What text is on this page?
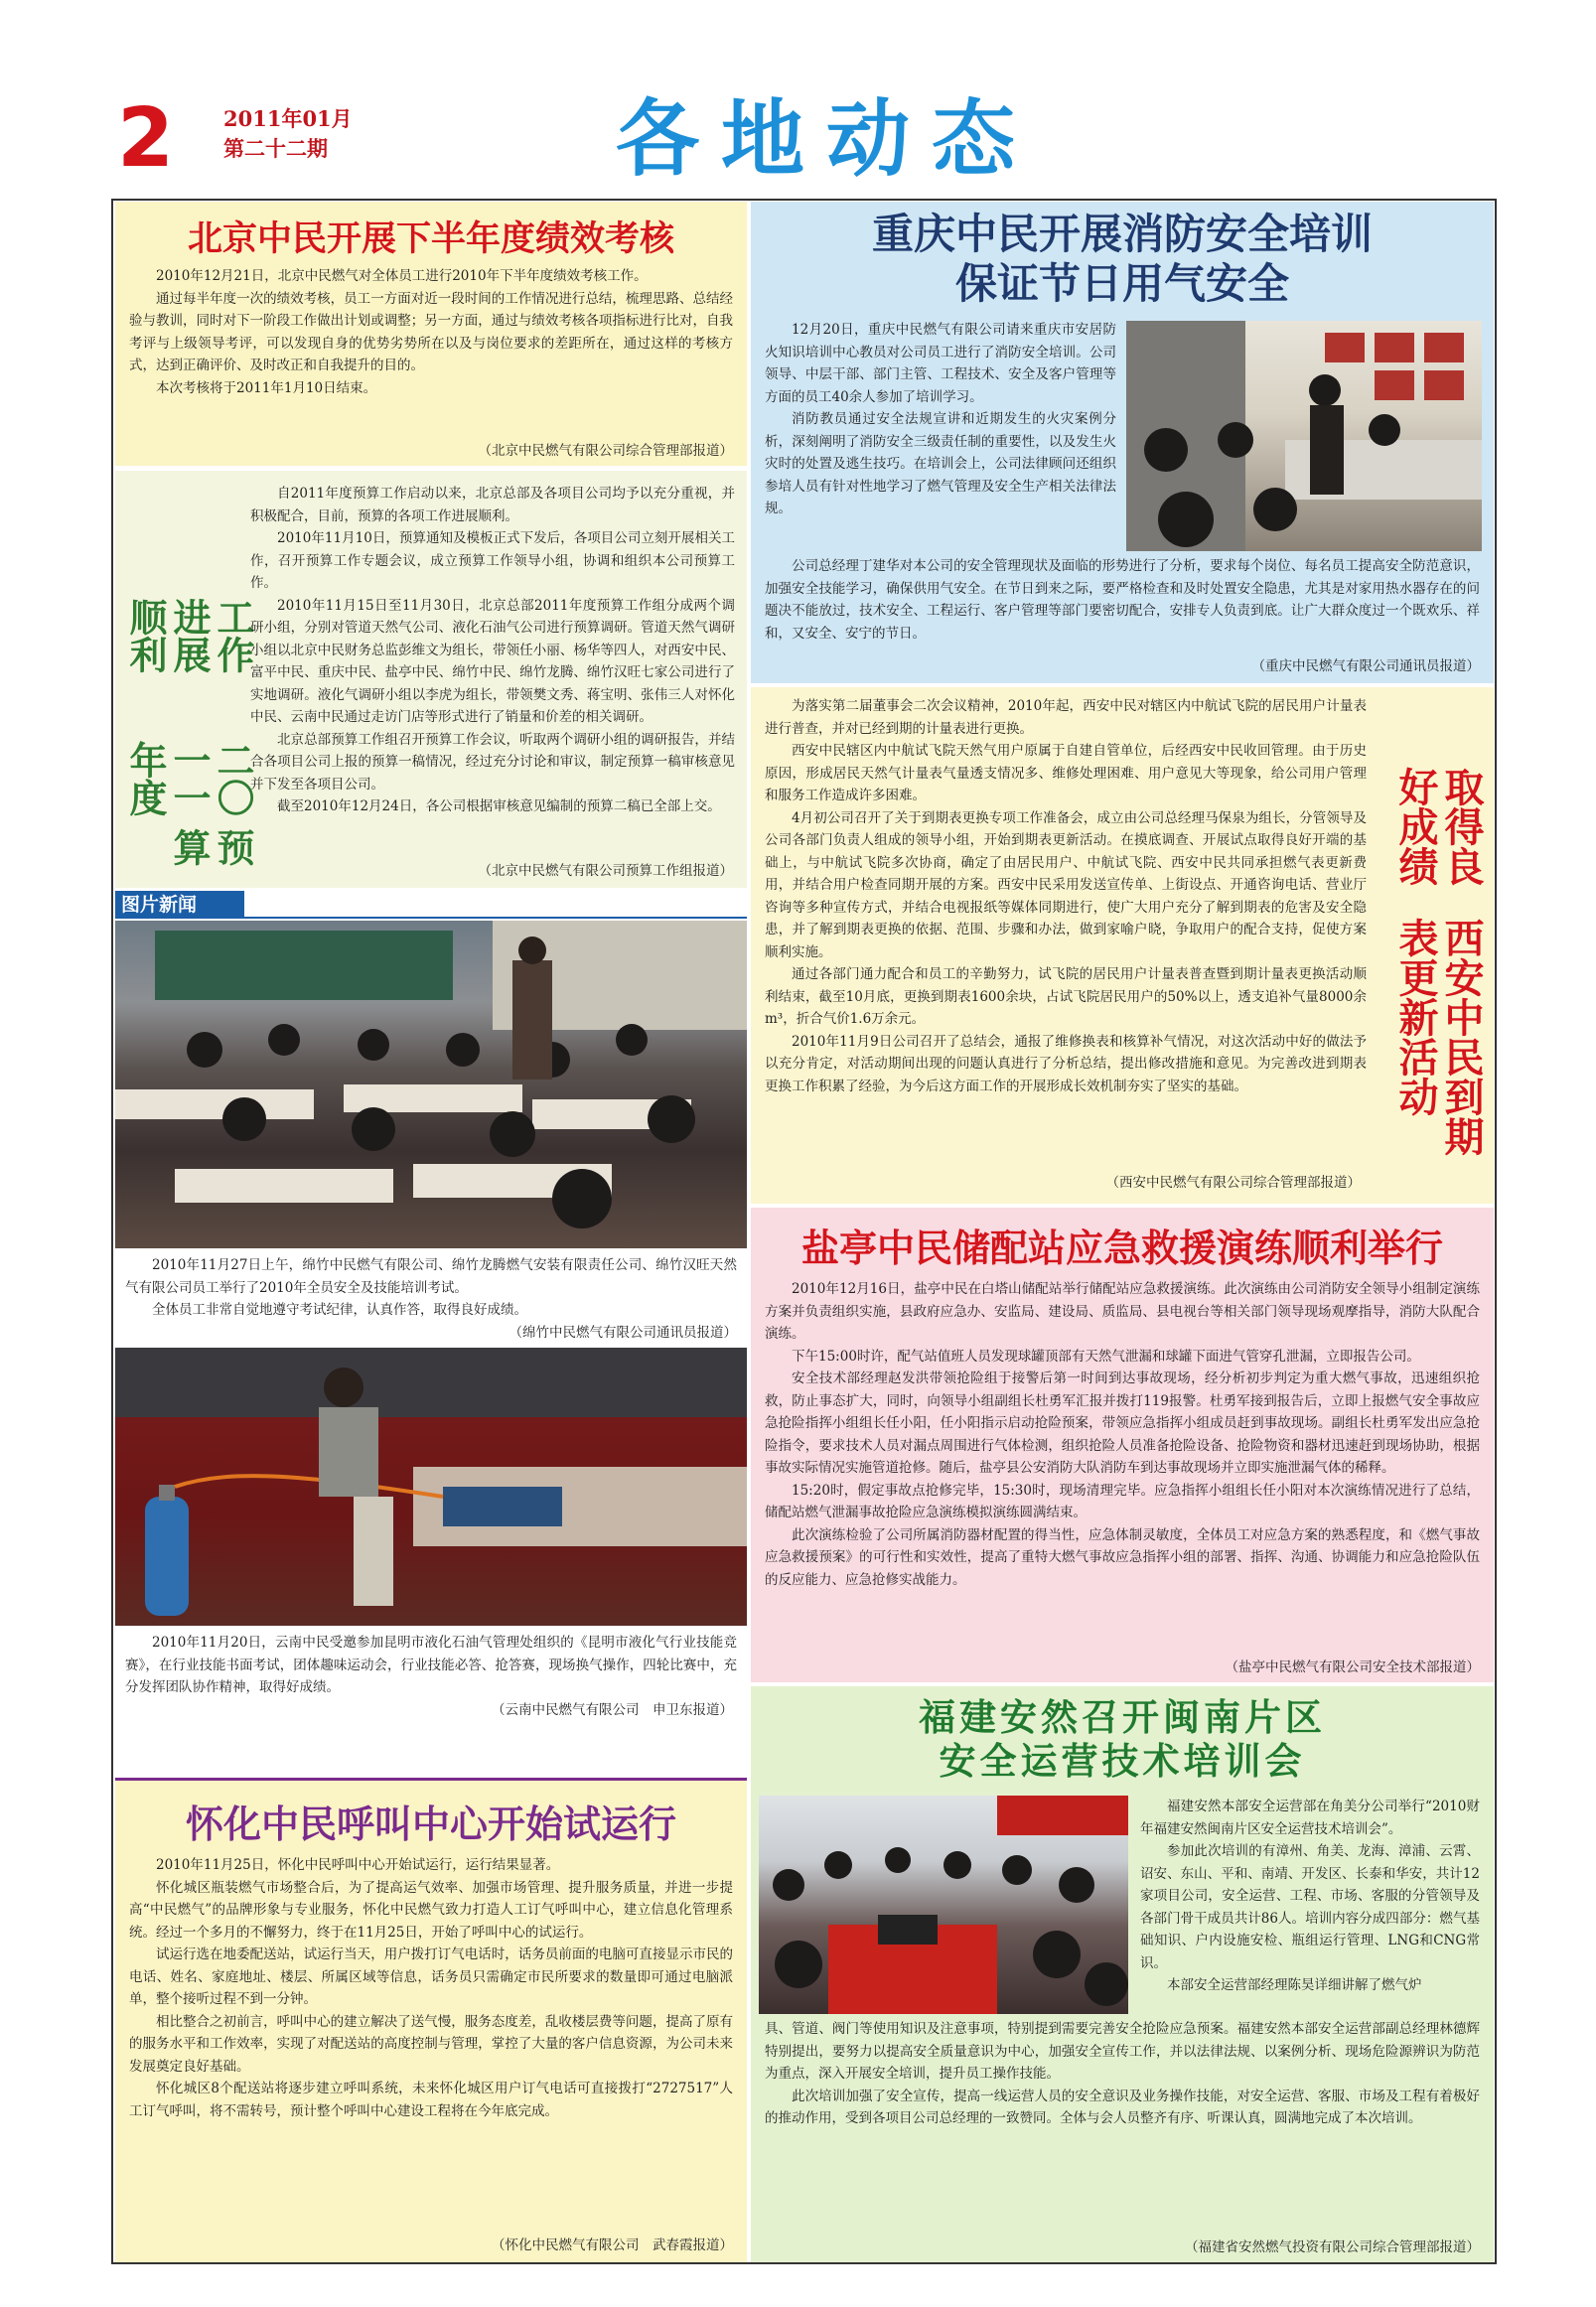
2 2011年01月
第二十二期	各地动态
北京中民开展下半年度绩效考核

2010年12月21日，北京中民燃气对全体员工进行2010年下半年度绩效考核工作。

通过每半年度一次的绩效考核，员工一方面对近一段时间的工作情况进行总结，梳理思路、总结经验与教训，同时对下一阶段工作做出计划或调整；另一方面，通过与绩效考核各项指标进行比对，自我考评与上级领导考评，可以发现自身的优势劣势所在以及与岗位要求的差距所在，通过这样的考核方式，达到正确评价、及时改正和自我提升的目的。

本次考核将于2011年1月10日结束。

（北京中民燃气有限公司综合管理部报道）
预算
二〇一一年度
工作进展顺利

自2011年度预算工作启动以来，北京总部及各项目公司均予以充分重视，并积极配合，目前，预算的各项工作进展顺利。

2010年11月10日，预算通知及模板正式下发后，各项目公司立刻开展相关工作，召开预算工作专题会议，成立预算工作领导小组，协调和组织本公司预算工作。

2010年11月15日至11月30日，北京总部2011年度预算工作组分成两个调研小组，分别对管道天然气公司、液化石油气公司进行预算调研。管道天然气调研小组以北京中民财务总监彭维文为组长，带领任小丽、杨华等四人，对西安中民、富平中民、重庆中民、盐亭中民、绵竹中民、绵竹龙腾、绵竹汉旺七家公司进行了实地调研。液化气调研小组以李虎为组长，带领樊文秀、蒋宝明、张伟三人对怀化中民、云南中民通过走访门店等形式进行了销量和价差的相关调研。

北京总部预算工作组召开预算工作会议，听取两个调研小组的调研报告，并结合各项目公司上报的预算一稿情况，经过充分讨论和审议，制定预算一稿审核意见并下发至各项目公司。

截至2010年12月24日，各公司根据审核意见编制的预算二稿已全部上交。

（北京中民燃气有限公司预算工作组报道）
图片新闻

2010年11月27日上午，绵竹中民燃气有限公司、绵竹龙腾燃气安装有限责任公司、绵竹汉旺天然气有限公司员工举行了2010年全员安全及技能培训考试。

全体员工非常自觉地遵守考试纪律，认真作答，取得良好成绩。

（绵竹中民燃气有限公司通讯员报道）

2010年11月20日，云南中民受邀参加昆明市液化石油气管理处组织的《昆明市液化气行业技能竞赛》，在行业技能书面考试，团体趣味运动会，行业技能必答、抢答赛，现场换气操作，四轮比赛中，充分发挥团队协作精神，取得好成绩。

（云南中民燃气有限公司　申卫东报道）
怀化中民呼叫中心开始试运行

2010年11月25日，怀化中民呼叫中心开始试运行，运行结果显著。

怀化城区瓶装燃气市场整合后，为了提高运气效率、加强市场管理、提升服务质量，并进一步提高“中民燃气”的品牌形象与专业服务，怀化中民燃气致力打造人工订气呼叫中心，建立信息化管理系统。经过一个多月的不懈努力，终于在11月25日，开始了呼叫中心的试运行。

试运行选在地委配送站，试运行当天，用户拨打订气电话时，话务员前面的电脑可直接显示市民的电话、姓名、家庭地址、楼层、所属区域等信息，话务员只需确定市民所要求的数量即可通过电脑派单，整个接听过程不到一分钟。

相比整合之初前言，呼叫中心的建立解决了送气慢，服务态度差，乱收楼层费等问题，提高了原有的服务水平和工作效率，实现了对配送站的高度控制与管理，掌控了大量的客户信息资源，为公司未来发展奠定良好基础。

怀化城区8个配送站将逐步建立呼叫系统，未来怀化城区用户订气电话可直接拨打“2727517”人工订气呼叫，将不需转号，预计整个呼叫中心建设工程将在今年底完成。

（怀化中民燃气有限公司　武春霞报道）
重庆中民开展消防安全培训
保证节日用气安全

12月20日，重庆中民燃气有限公司请来重庆市安居防火知识培训中心教员对公司员工进行了消防安全培训。公司领导、中层干部、部门主管、工程技术、安全及客户管理等方面的员工40余人参加了培训学习。

消防教员通过安全法规宣讲和近期发生的火灾案例分析，深刻阐明了消防安全三级责任制的重要性，以及发生火灾时的处置及逃生技巧。在培训会上，公司法律顾问还组织参培人员有针对性地学习了燃气管理及安全生产相关法律法规。

公司总经理丁建华对本公司的安全管理现状及面临的形势进行了分析，要求每个岗位、每名员工提高安全防范意识，加强安全技能学习，确保供用气安全。在节日到来之际，要严格检查和及时处置安全隐患，尤其是对家用热水器存在的问题决不能放过，技术安全、工程运行、客户管理等部门要密切配合，安排专人负责到底。让广大群众度过一个既欢乐、祥和，又安全、安宁的节日。

（重庆中民燃气有限公司通讯员报道）

为落实第二届董事会二次会议精神，2010年起，西安中民对辖区内中航试飞院的居民用户计量表进行普查，并对已经到期的计量表进行更换。

西安中民辖区内中航试飞院天然气用户原属于自建自管单位，后经西安中民收回管理。由于历史原因，形成居民天然气计量表气量透支情况多、维修处理困难、用户意见大等现象，给公司用户管理和服务工作造成许多困难。

4月初公司召开了关于到期表更换专项工作准备会，成立由公司总经理马保泉为组长，分管领导及公司各部门负责人组成的领导小组，开始到期表更新活动。在摸底调查、开展试点取得良好开端的基础上，与中航试飞院多次协商，确定了由居民用户、中航试飞院、西安中民共同承担燃气表更新费用，并结合用户检查同期开展的方案。西安中民采用发送宣传单、上街设点、开通咨询电话、营业厅咨询等多种宣传方式，并结合电视报纸等媒体同期进行，使广大用户充分了解到期表的危害及安全隐患，并了解到期表更换的依据、范围、步骤和办法，做到家喻户晓，争取用户的配合支持，促使方案顺利实施。

通过各部门通力配合和员工的辛勤努力，试飞院的居民用户计量表普查暨到期计量表更换活动顺利结束，截至10月底，更换到期表1600余块，占试飞院居民用户的50%以上，透支追补气量8000余m³，折合气价1.6万余元。

2010年11月9日公司召开了总结会，通报了维修换表和核算补气情况，对这次活动中好的做法予以充分肯定，对活动期间出现的问题认真进行了分析总结，提出修改措施和意见。为完善改进到期表更换工作积累了经验，为今后这方面工作的开展形成长效机制夯实了坚实的基础。	西安中民到期表更新活动
取得良好成绩
（西安中民燃气有限公司综合管理部报道）
盐亭中民储配站应急救援演练顺利举行

2010年12月16日，盐亭中民在白塔山储配站举行储配站应急救援演练。此次演练由公司消防安全领导小组制定演练方案并负责组织实施，县政府应急办、安监局、建设局、质监局、县电视台等相关部门领导现场观摩指导，消防大队配合演练。

下午15:00时许，配气站值班人员发现球罐顶部有天然气泄漏和球罐下面进气管穿孔泄漏，立即报告公司。

安全技术部经理赵发洪带领抢险组于接警后第一时间到达事故现场，经分析初步判定为重大燃气事故，迅速组织抢救，防止事态扩大，同时，向领导小组副组长杜勇军汇报并拨打119报警。杜勇军接到报告后，立即上报燃气安全事故应急抢险指挥小组组长任小阳，任小阳指示启动抢险预案，带领应急指挥小组成员赶到事故现场。副组长杜勇军发出应急抢险指令，要求技术人员对漏点周围进行气体检测，组织抢险人员准备抢险设备、抢险物资和器材迅速赶到现场协助，根据事故实际情况实施管道抢修。随后，盐亭县公安消防大队消防车到达事故现场并立即实施泄漏气体的稀释。

15:20时，假定事故点抢修完毕，15:30时，现场清理完毕。应急指挥小组组长任小阳对本次演练情况进行了总结，储配站燃气泄漏事故抢险应急演练模拟演练圆满结束。

此次演练检验了公司所属消防器材配置的得当性，应急体制灵敏度，全体员工对应急方案的熟悉程度，和《燃气事故应急救援预案》的可行性和实效性，提高了重特大燃气事故应急指挥小组的部署、指挥、沟通、协调能力和应急抢险队伍的反应能力、应急抢修实战能力。

（盐亭中民燃气有限公司安全技术部报道）
福建安然召开闽南片区
安全运营技术培训会

福建安然本部安全运营部在角美分公司举行“2010财年福建安然闽南片区安全运营技术培训会”。

参加此次培训的有漳州、角美、龙海、漳浦、云霄、诏安、东山、平和、南靖、开发区、长泰和华安，共计12家项目公司，安全运营、工程、市场、客服的分管领导及各部门骨干成员共计86人。培训内容分成四部分：燃气基础知识、户内设施安检、瓶组运行管理、LNG和CNG常识。

本部安全运营部经理陈昊详细讲解了燃气炉

具、管道、阀门等使用知识及注意事项，特别提到需要完善安全抢险应急预案。福建安然本部安全运营部副总经理林德辉特别提出，要努力以提高安全质量意识为中心，加强安全宣传工作，并以法律法规、以案例分析、现场危险源辨识为防范为重点，深入开展安全培训，提升员工操作技能。

此次培训加强了安全宣传，提高一线运营人员的安全意识及业务操作技能，对安全运营、客服、市场及工程有着极好的推动作用，受到各项目公司总经理的一致赞同。全体与会人员整齐有序、听课认真，圆满地完成了本次培训。

（福建省安然燃气投资有限公司综合管理部报道）
